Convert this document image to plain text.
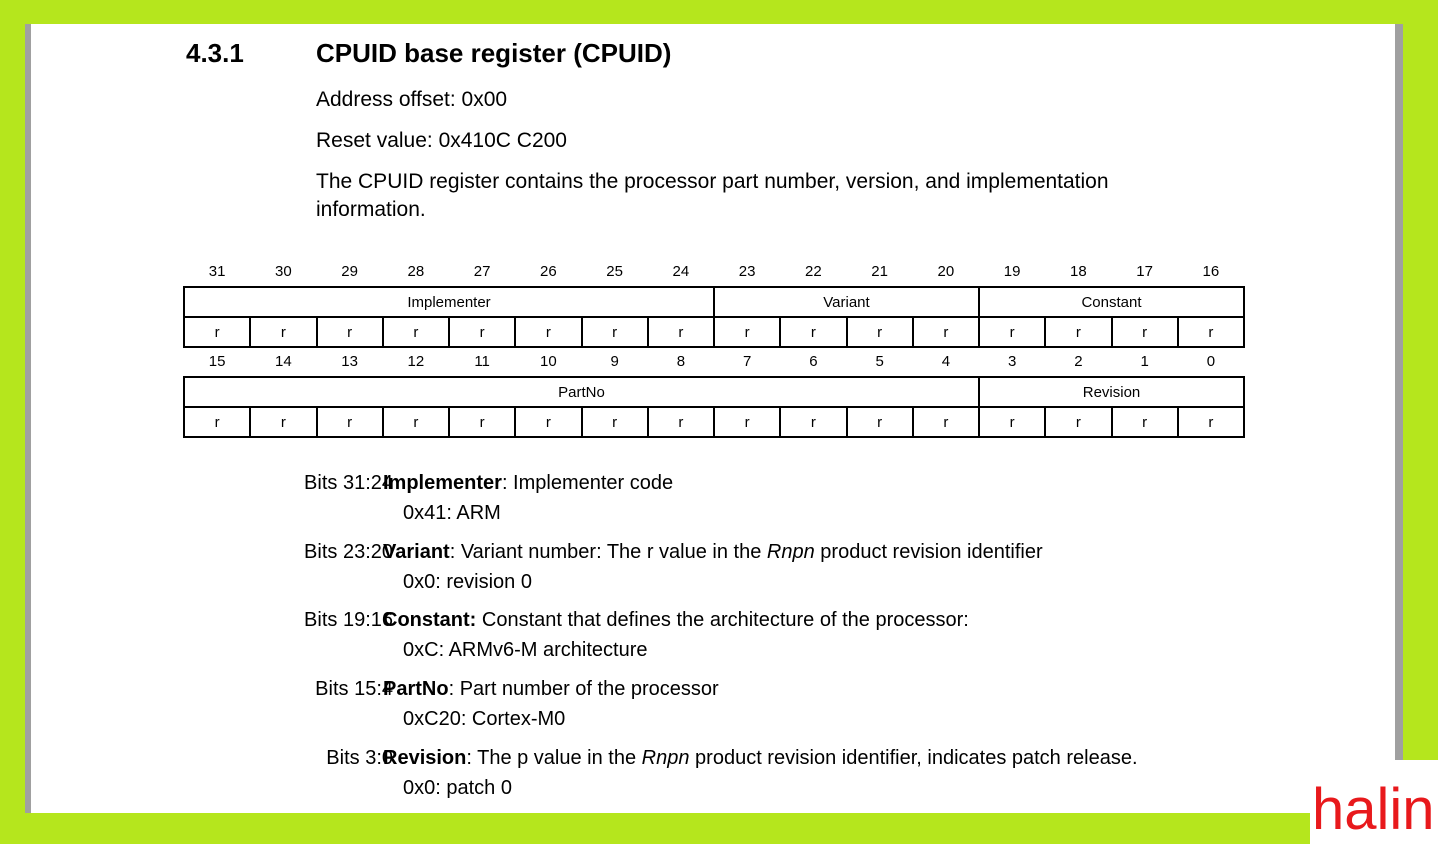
4.3.1	CPUID base register (CPUID)
Address offset: 0x00
Reset value: 0x410C C200
The CPUID register contains the processor part number, version, and implementation
information.
31	30	29	28	27	26	25	24	23	22	21	20	19	18	17	16
Implementer								Variant				Constant			
r	r	r	r	r	r	r	r	r	r	r	r	r	r	r	r
15	14	13	12	11	10	9	8	7	6	5	4	3	2	1	0
PartNo												Revision			
r	r	r	r	r	r	r	r	r	r	r	r	r	r	r	r
Bits 31:24
Implementer: Implementer code
0x41: ARM
Bits 23:20
Variant: Variant number: The r value in the Rnpn product revision identifier
0x0: revision 0
Bits 19:16
Constant: Constant that defines the architecture of the processor:
0xC: ARMv6-M architecture
Bits 15:4
PartNo: Part number of the processor
0xC20: Cortex-M0
Bits 3:0
Revision: The p value in the Rnpn product revision identifier, indicates patch release.
0x0: patch 0	halin
